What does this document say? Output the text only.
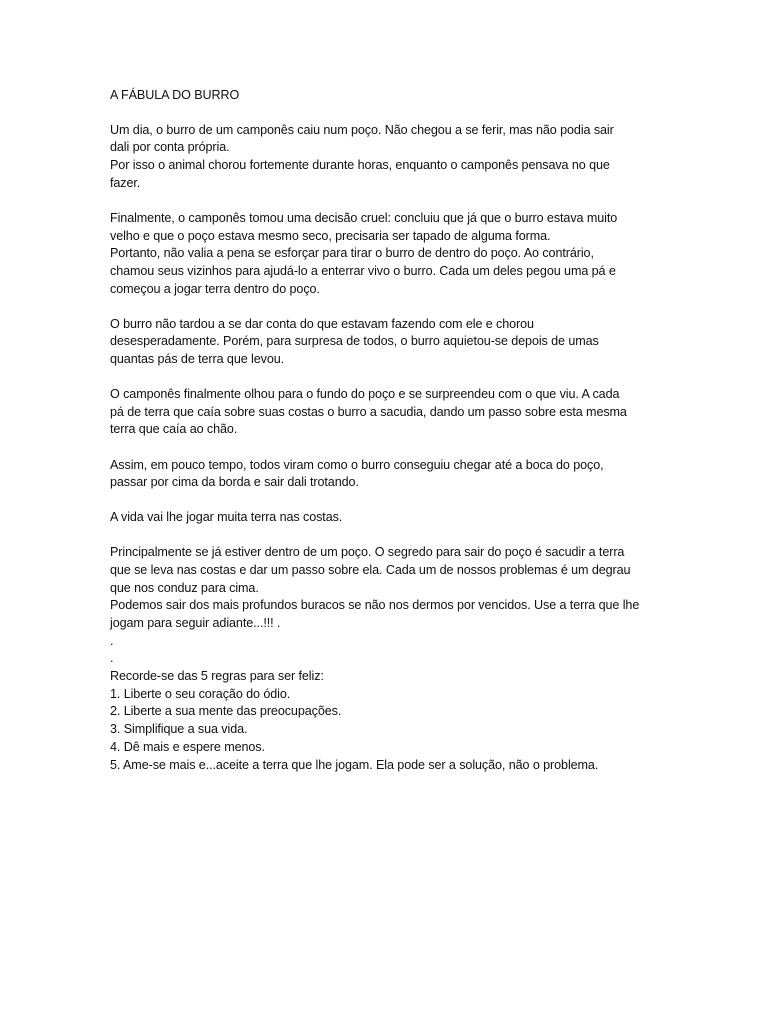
A FÁBULA DO BURRO
Um dia, o burro de um camponês caiu num poço. Não chegou a se ferir, mas não podia sair
dali por conta própria.
Por isso o animal chorou fortemente durante horas, enquanto o camponês pensava no que
fazer.
Finalmente, o camponês tomou uma decisão cruel: concluiu que já que o burro estava muito
velho e que o poço estava mesmo seco, precisaria ser tapado de alguma forma.
Portanto, não valia a pena se esforçar para tirar o burro de dentro do poço. Ao contrário,
chamou seus vizinhos para ajudá-lo a enterrar vivo o burro. Cada um deles pegou uma pá e
começou a jogar terra dentro do poço.
O burro não tardou a se dar conta do que estavam fazendo com ele e chorou
desesperadamente. Porém, para surpresa de todos, o burro aquietou-se depois de umas
quantas pás de terra que levou.
O camponês finalmente olhou para o fundo do poço e se surpreendeu com o que viu. A cada
pá de terra que caía sobre suas costas o burro a sacudia, dando um passo sobre esta mesma
terra que caía ao chão.
Assim, em pouco tempo, todos viram como o burro conseguiu chegar até a boca do poço,
passar por cima da borda e sair dali trotando.
A vida vai lhe jogar muita terra nas costas.
Principalmente se já estiver dentro de um poço. O segredo para sair do poço é sacudir a terra
que se leva nas costas e dar um passo sobre ela. Cada um de nossos problemas é um degrau
que nos conduz para cima.
Podemos sair dos mais profundos buracos se não nos dermos por vencidos. Use a terra que lhe
jogam para seguir adiante...!!! .
.
.
Recorde-se das 5 regras para ser feliz:
1. Liberte o seu coração do ódio.
2. Liberte a sua mente das preocupações.
3. Simplifique a sua vida.
4. Dê mais e espere menos.
5. Ame-se mais e...aceite a terra que lhe jogam. Ela pode ser a solução, não o problema.
